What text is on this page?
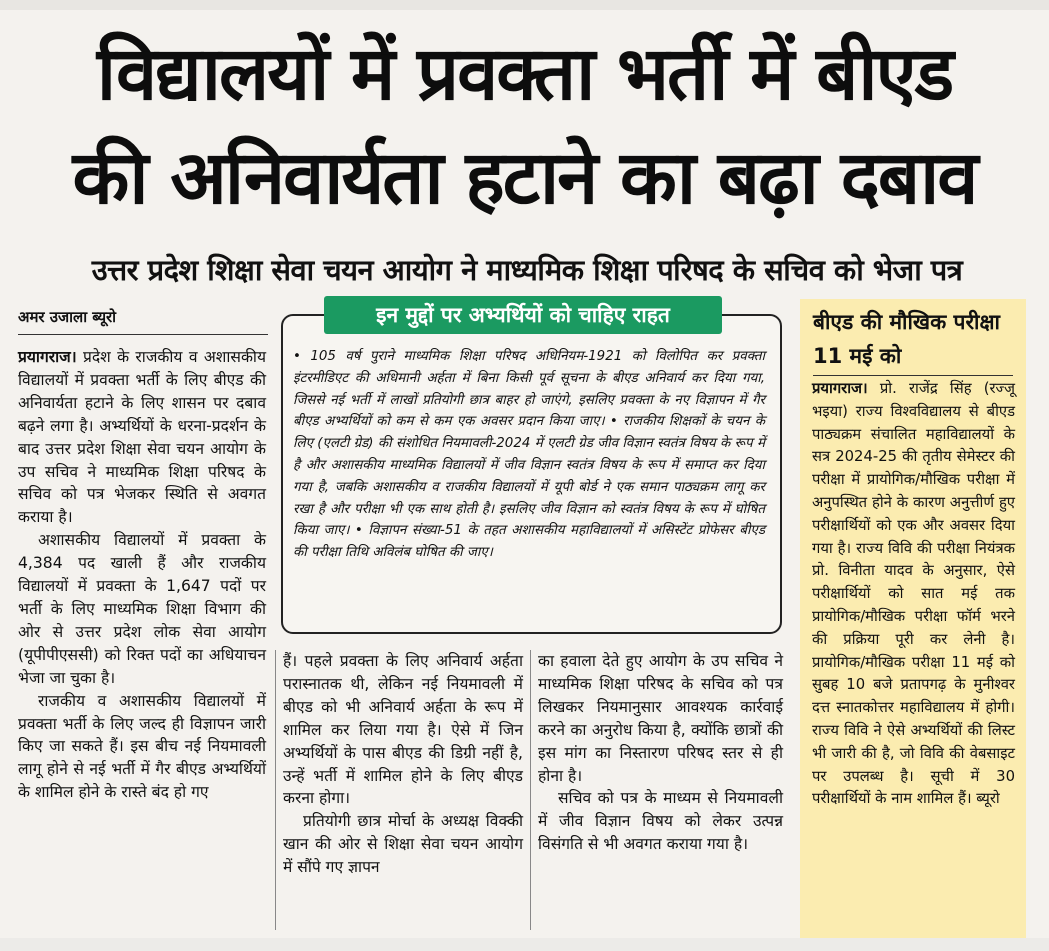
विद्यालयों में प्रवक्ता भर्ती में बीएड
की अनिवार्यता हटाने का बढ़ा दबाव
उत्तर प्रदेश शिक्षा सेवा चयन आयोग ने माध्यमिक शिक्षा परिषद के सचिव को भेजा पत्र
अमर उजाला ब्यूरो

प्रयागराज। प्रदेश के राजकीय व अशासकीय विद्यालयों में प्रवक्ता भर्ती के लिए बीएड की अनिवार्यता हटाने के लिए शासन पर दबाव बढ़ने लगा है। अभ्यर्थियों के धरना-प्रदर्शन के बाद उत्तर प्रदेश शिक्षा सेवा चयन आयोग के उप सचिव ने माध्यमिक शिक्षा परिषद के सचिव को पत्र भेजकर स्थिति से अवगत कराया है।

अशासकीय विद्यालयों में प्रवक्ता के 4,384 पद खाली हैं और राजकीय विद्यालयों में प्रवक्ता के 1,647 पदों पर भर्ती के लिए माध्यमिक शिक्षा विभाग की ओर से उत्तर प्रदेश लोक सेवा आयोग (यूपीपीएससी) को रिक्त पदों का अधियाचन भेजा जा चुका है।

राजकीय व अशासकीय विद्यालयों में प्रवक्ता भर्ती के लिए जल्द ही विज्ञापन जारी किए जा सकते हैं। इस बीच नई नियमावली लागू होने से नई भर्ती में गैर बीएड अभ्यर्थियों के शामिल होने के रास्ते बंद हो गए

इन मुद्दों पर अभ्यर्थियों को चाहिए राहत
• 105 वर्ष पुराने माध्यमिक शिक्षा परिषद अधिनियम-1921 को विलोपित कर प्रवक्ता इंटरमीडिएट की अधिमानी अर्हता में बिना किसी पूर्व सूचना के बीएड अनिवार्य कर दिया गया, जिससे नई भर्ती में लाखों प्रतियोगी छात्र बाहर हो जाएंगे, इसलिए प्रवक्ता के नए विज्ञापन में गैर बीएड अभ्यर्थियों को कम से कम एक अवसर प्रदान किया जाए। • राजकीय शिक्षकों के चयन के लिए (एलटी ग्रेड) की संशोधित नियमावली-2024 में एलटी ग्रेड जीव विज्ञान स्वतंत्र विषय के रूप में है और अशासकीय माध्यमिक विद्यालयों में जीव विज्ञान स्वतंत्र विषय के रूप में समाप्त कर दिया गया है, जबकि अशासकीय व राजकीय विद्यालयों में यूपी बोर्ड ने एक समान पाठ्यक्रम लागू कर रखा है और परीक्षा भी एक साथ होती है। इसलिए जीव विज्ञान को स्वतंत्र विषय के रूप में घोषित किया जाए। • विज्ञापन संख्या-51 के तहत अशासकीय महाविद्यालयों में असिस्टेंट प्रोफेसर बीएड की परीक्षा तिथि अविलंब घोषित की जाए।

हैं। पहले प्रवक्ता के लिए अनिवार्य अर्हता परास्नातक थी, लेकिन नई नियमावली में बीएड को भी अनिवार्य अर्हता के रूप में शामिल कर लिया गया है। ऐसे में जिन अभ्यर्थियों के पास बीएड की डिग्री नहीं है, उन्हें भर्ती में शामिल होने के लिए बीएड करना होगा।

प्रतियोगी छात्र मोर्चा के अध्यक्ष विक्की खान की ओर से शिक्षा सेवा चयन आयोग में सौंपे गए ज्ञापन

का हवाला देते हुए आयोग के उप सचिव ने माध्यमिक शिक्षा परिषद के सचिव को पत्र लिखकर नियमानुसार आवश्यक कार्रवाई करने का अनुरोध किया है, क्योंकि छात्रों की इस मांग का निस्तारण परिषद स्तर से ही होना है।

सचिव को पत्र के माध्यम से नियमावली में जीव विज्ञान विषय को लेकर उत्पन्न विसंगति से भी अवगत कराया गया है।

बीएड की मौखिक परीक्षा 11 मई को
प्रयागराज। प्रो. राजेंद्र सिंह (रज्जू भइया) राज्य विश्वविद्यालय से बीएड पाठ्यक्रम संचालित महाविद्यालयों के सत्र 2024-25 की तृतीय सेमेस्टर की परीक्षा में प्रायोगिक/मौखिक परीक्षा में अनुपस्थित होने के कारण अनुत्तीर्ण हुए परीक्षार्थियों को एक और अवसर दिया गया है। राज्य विवि की परीक्षा नियंत्रक प्रो. विनीता यादव के अनुसार, ऐसे परीक्षार्थियों को सात मई तक प्रायोगिक/मौखिक परीक्षा फॉर्म भरने की प्रक्रिया पूरी कर लेनी है। प्रायोगिक/मौखिक परीक्षा 11 मई को सुबह 10 बजे प्रतापगढ़ के मुनीश्वर दत्त स्नातकोत्तर महाविद्यालय में होगी। राज्य विवि ने ऐसे अभ्यर्थियों की लिस्ट भी जारी की है, जो विवि की वेबसाइट पर उपलब्ध है। सूची में 30 परीक्षार्थियों के नाम शामिल हैं। ब्यूरो
